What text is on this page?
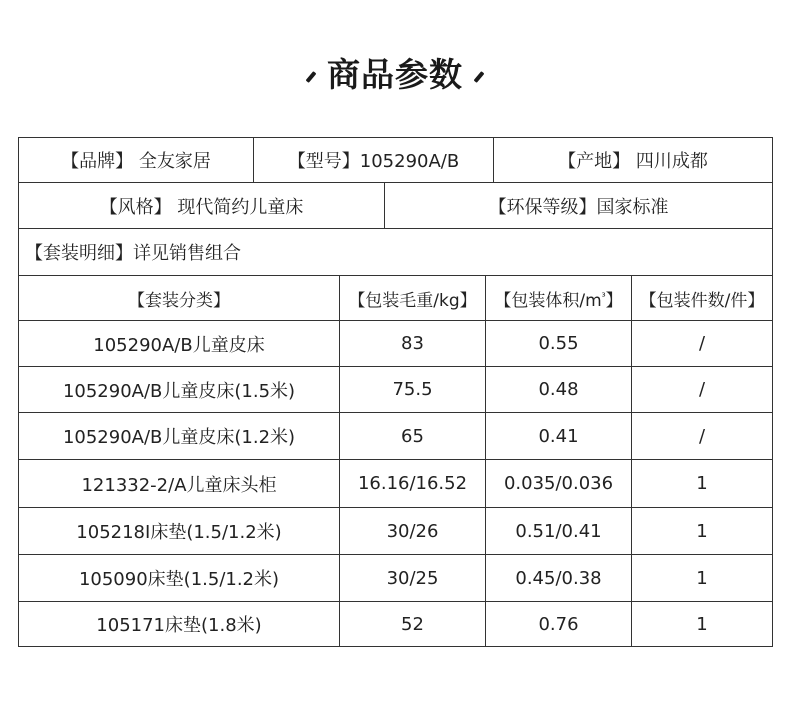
商品参数
【品牌】 全友家居	【型号】105290A/B	【产地】 四川成都
【风格】 现代简约儿童床	【环保等级】国家标准
【套装明细】详见销售组合
【套装分类】	【包装毛重/kg】	【包装体积/m ³ 】 【包装件数/件】
105290A/B儿童皮床	83	0.55	/
105290A/B儿童皮床(1.5米)	75.5	0.48	/
105290A/B儿童皮床(1.2米)	65	0.41	/
121332-2/A儿童床头柜	16.16/16.52	0.035/0.036	1
105218I床垫(1.5/1.2米)	30/26	0.51/0.41	1
105090床垫(1.5/1.2米)	30/25	0.45/0.38	1
105171床垫(1.8米)	52	0.76	1
